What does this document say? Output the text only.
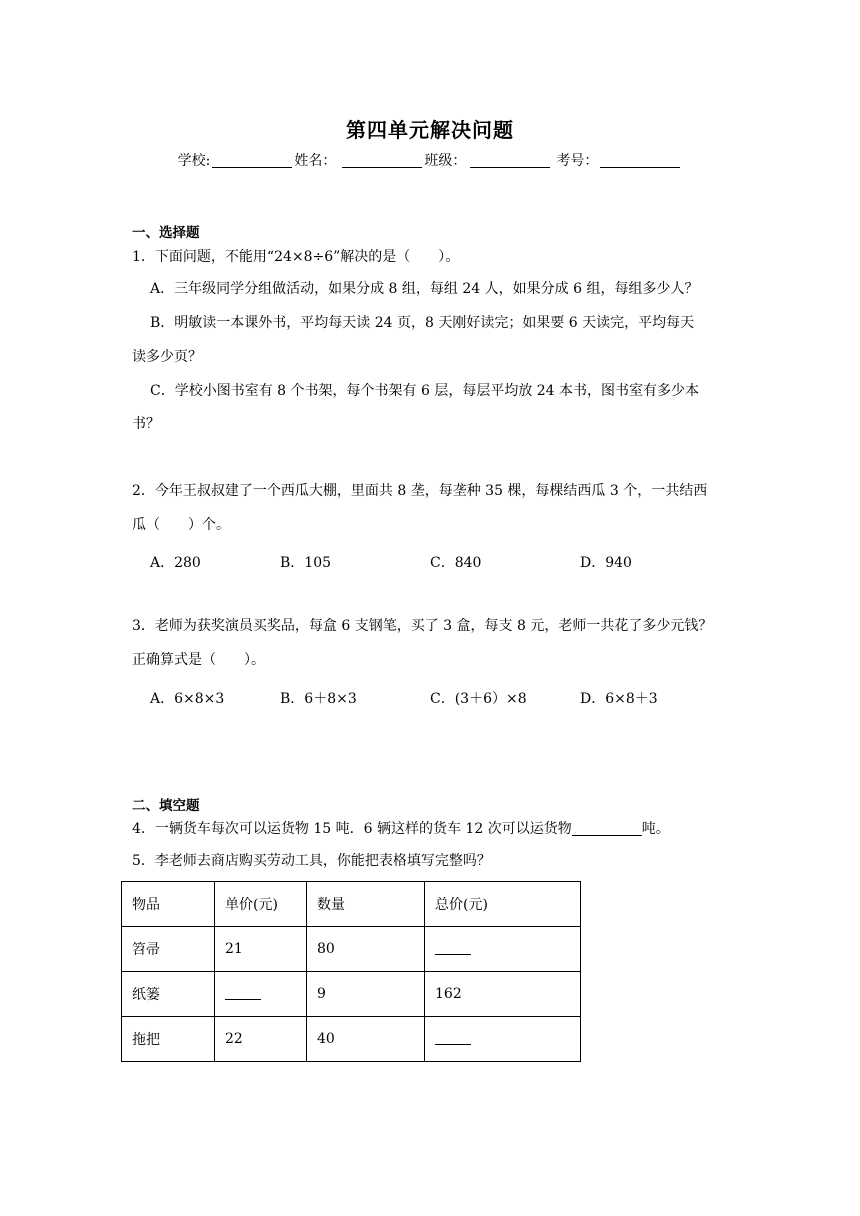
第四单元解决问题
学校:	姓名：	班级：	考号：
一、选择题
1．下面问题，不能用“24×8÷6”解决的是（　　）。
A．三年级同学分组做活动，如果分成 8 组，每组 24 人，如果分成 6 组，每组多少人？
B．明敏读一本课外书，平均每天读 24 页，8 天刚好读完；如果要 6 天读完，平均每天
读多少页？
C．学校小图书室有 8 个书架，每个书架有 6 层，每层平均放 24 本书，图书室有多少本
书？
2．今年王叔叔建了一个西瓜大棚，里面共 8 垄，每垄种 35 棵，每棵结西瓜 3 个，一共结西
瓜（　　）个。
A．280	B．105	C．840	D．940
3．老师为获奖演员买奖品，每盒 6 支钢笔，买了 3 盒，每支 8 元，老师一共花了多少元钱？
正确算式是（　　）。
A．6×8×3	B．6＋8×3	C．(3＋6）×8	D．6×8＋3
二、填空题
4．一辆货车每次可以运货物 15 吨．6 辆这样的货车 12 次可以运货物	吨。
5．李老师去商店购买劳动工具，你能把表格填写完整吗？
物品	单价(元)	数量	总价(元)
笤帚	21	80	
纸篓		9	162
拖把	22	40	
